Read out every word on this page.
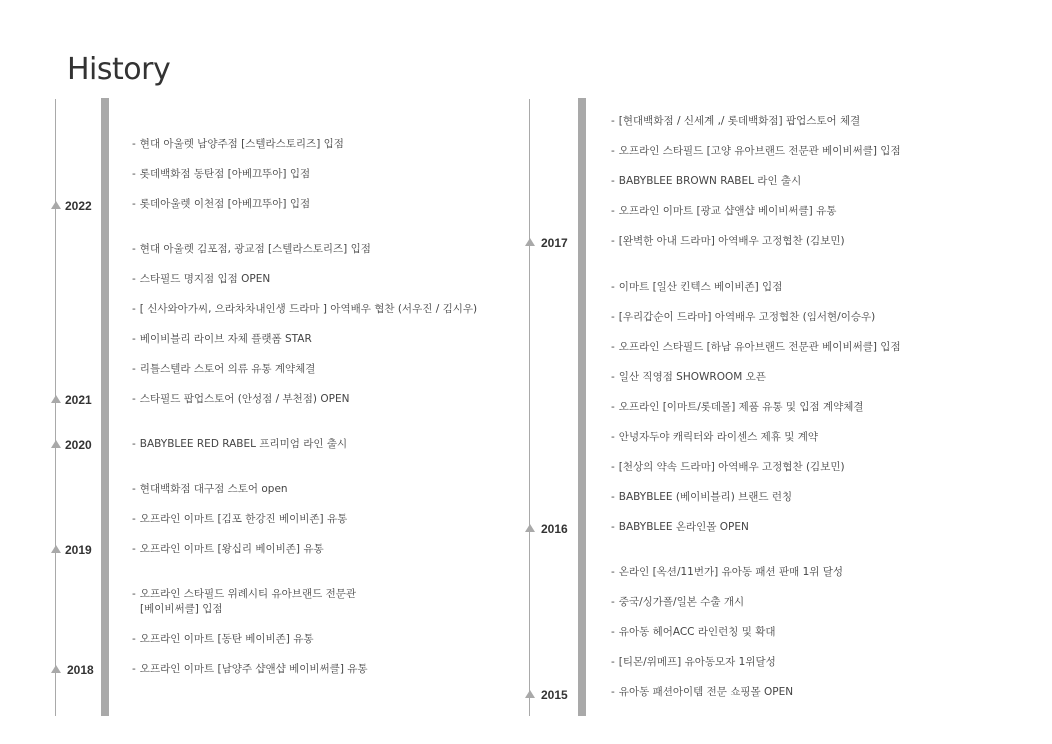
History
2022
2021
2020
2019
2018
- 현대 아울렛 남양주점 [스텔라스토리즈] 입점
- 롯데백화점 동탄점 [아베끄뚜아] 입점
- 롯데아울렛 이천점 [아베끄뚜아] 입점
- 현대 아울렛 김포점, 광교점 [스텔라스토리즈] 입점
- 스타필드 명지점 입점 OPEN
- [ 신사와아가씨, 으라차차내인생 드라마 ] 아역배우 협찬 (서우진 / 김시우)
- 베이비블리 라이브 자체 플랫폼 STAR
- 리틀스텔라 스토어 의류 유통 계약체결
- 스타필드 팝업스토어 (안성점 / 부천점) OPEN
- BABYBLEE RED RABEL 프리미엄 라인 출시
- 현대백화점 대구점 스토어 open
- 오프라인 이마트 [김포 한강진 베이비존] 유통
- 오프라인 이마트 [왕십리 베이비존] 유통
- 오프라인 스타필드 위례시티 유아브랜드 전문관
[베이비써클] 입점
- 오프라인 이마트 [동탄 베이비존] 유통
- 오프라인 이마트 [남양주 샵앤샵 베이비써클] 유통
2017
2016
2015
- [현대백화점 / 신세계 ,/ 롯데백화점] 팝업스토어 체결
- 오프라인 스타필드 [고양 유아브랜드 전문관 베이비써클] 입점
- BABYBLEE BROWN RABEL 라인 출시
- 오프라인 이마트 [광교 샵앤샵 베이비써클] 유통
- [완벽한 아내 드라마] 아역배우 고정협찬 (김보민)
- 이마트 [일산 킨텍스 베이비존] 입점
- [우리갑순이 드라마] 아역배우 고정협찬 (임서현/이승우)
- 오프라인 스타필드 [하남 유아브랜드 전문관 베이비써클] 입점
- 일산 직영점 SHOWROOM 오픈
- 오프라인 [이마트/롯데몰] 제품 유통 및 입점 계약체결
- 안녕자두야 캐릭터와 라이센스 제휴 및 계약
- [천상의 약속 드라마] 아역배우 고정협찬 (김보민)
- BABYBLEE (베이비블리) 브랜드 런칭
- BABYBLEE 온라인몰 OPEN
- 온라인 [옥션/11번가] 유아동 패션 판매 1위 달성
- 중국/싱가폴/일본 수출 개시
- 유아동 헤어ACC 라인런칭 및 확대
- [티몬/위메프] 유아동모자 1위달성
- 유아동 패션아이템 전문 쇼핑몰 OPEN
